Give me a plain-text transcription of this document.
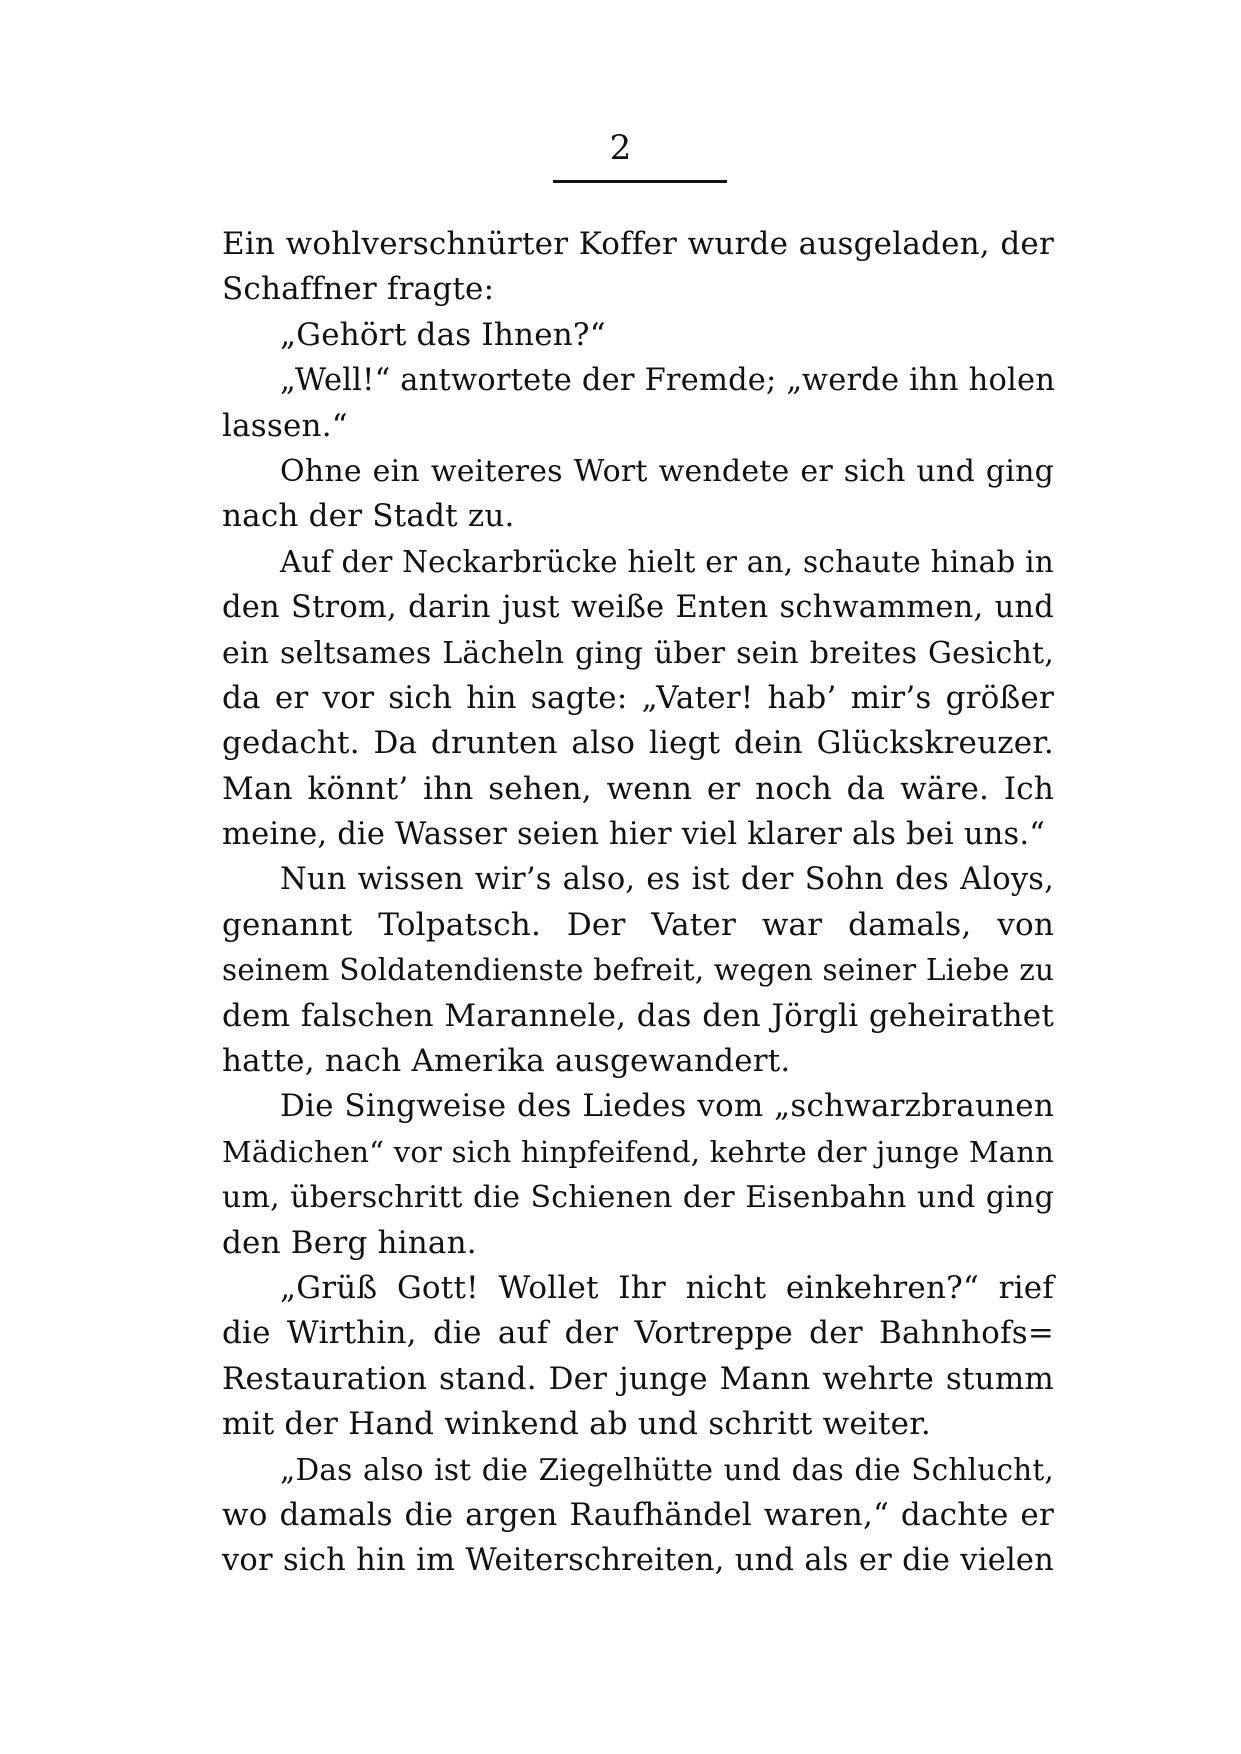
2
Ein wohlverschnürter Koffer wurde ausgeladen, der
Schaffner fragte:
„Gehört das Ihnen?“
„Well!“ antwortete der Fremde; „werde ihn holen
lassen.“
Ohne ein weiteres Wort wendete er sich und ging
nach der Stadt zu.
Auf der Neckarbrücke hielt er an, schaute hinab in
den Strom, darin just weiße Enten schwammen, und
ein seltsames Lächeln ging über sein breites Gesicht,
da er vor sich hin sagte: „Vater! hab’ mir’s größer
gedacht. Da drunten also liegt dein Glückskreuzer.
Man könnt’ ihn sehen, wenn er noch da wäre. Ich
meine, die Wasser seien hier viel klarer als bei uns.“
Nun wissen wir’s also, es ist der Sohn des Aloys,
genannt Tolpatsch. Der Vater war damals, von
seinem Soldatendienste befreit, wegen seiner Liebe zu
dem falschen Marannele, das den Jörgli geheirathet
hatte, nach Amerika ausgewandert.
Die Singweise des Liedes vom „schwarzbraunen
Mädichen“ vor sich hinpfeifend, kehrte der junge Mann
um, überschritt die Schienen der Eisenbahn und ging
den Berg hinan.
„Grüß Gott! Wollet Ihr nicht einkehren?“ rief
die Wirthin, die auf der Vortreppe der Bahnhofs=
Restauration stand. Der junge Mann wehrte stumm
mit der Hand winkend ab und schritt weiter.
„Das also ist die Ziegelhütte und das die Schlucht,
wo damals die argen Raufhändel waren,“ dachte er
vor sich hin im Weiterschreiten, und als er die vielen
